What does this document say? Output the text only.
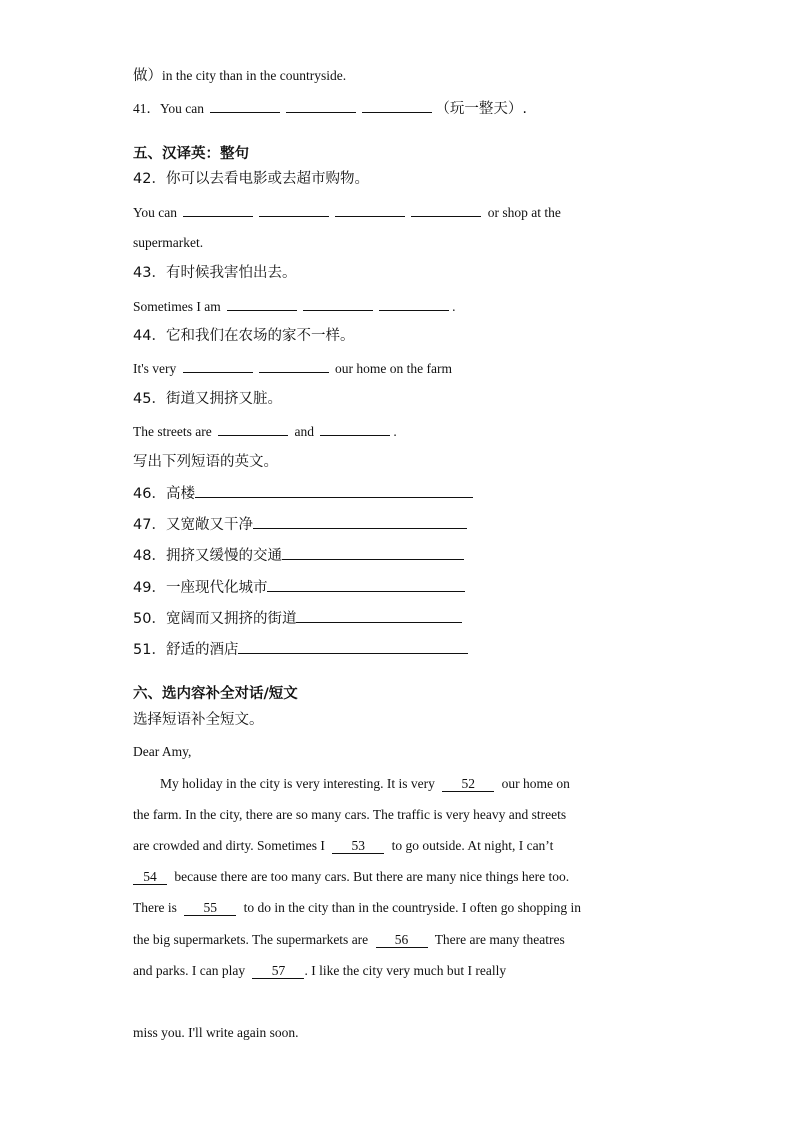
做）in the city than in the countryside.
41．You can	（玩一整天）.
五、汉译英：整句
42．你可以去看电影或去超市购物。
You can	or shop at the
supermarket.
43．有时候我害怕出去。
Sometimes I am	.
44．它和我们在农场的家不一样。
It's very	our home on the farm
45．街道又拥挤又脏。
The streets are	and	.
写出下列短语的英文。
46．高楼
47．又宽敞又干净
48．拥挤又缓慢的交通
49．一座现代化城市
50．宽阔而又拥挤的街道
51．舒适的酒店
六、选内容补全对话/短文
选择短语补全短文。
Dear Amy,
My holiday in the city is very interesting. It is very 52 our home on
the farm. In the city, there are so many cars. The traffic is very heavy and streets
are crowded and dirty. Sometimes I 53 to go outside. At night, I can’t
54 because there are too many cars. But there are many nice things here too.
There is 55 to do in the city than in the countryside. I often go shopping in
the big supermarkets. The supermarkets are 56 There are many theatres
and parks. I can play 57 . I like the city very much but I really
miss you. I'll write again soon.
